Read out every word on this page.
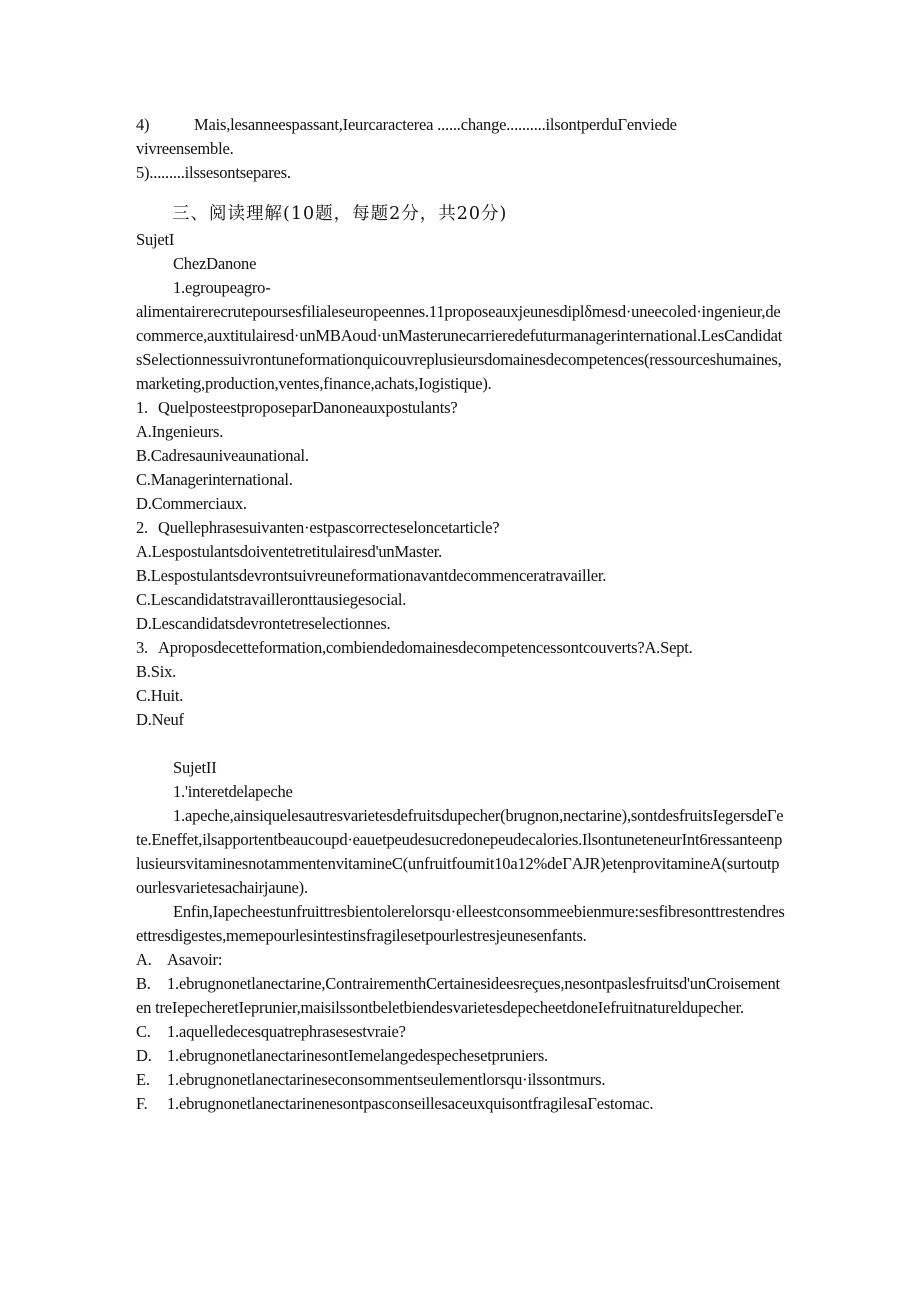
4)	Mais,lesanneespassant,Ieurcaracterea ......change..........ilsontperduΓenviede
vivreensemble.
5).........ilssesontsepares.
三、阅读理解(10题，每题2分，共20分)
SujetI
ChezDanone
1.egroupeagro-
alimentairerecrutepoursesfilialeseuropeennes.11proposeauxjeunesdiplδmesd·uneecoled·ingenieur,decommerce,auxtitulairesd·unMBAoud·unMasterunecarrieredefuturmanagerinternational.LesCandidatsSelectionnessuivrontuneformationquicouvreplusieursdomainesdecompetences(ressourceshumaines,marketing,production,ventes,finance,achats,Iogistique).
1. QuelposteestproposeparDanoneauxpostulants?
A.Ingenieurs.
B.Cadresauniveaunational.
C.Managerinternational.
D.Commerciaux.
2. Quellephrasesuivanten·estpascorrecteseloncetarticle?
A.Lespostulantsdoiventetretitulairesd'unMaster.
B.Lespostulantsdevrontsuivreuneformationavantdecommenceratravailler.
C.Lescandidatstravailleronttausiegesocial.
D.Lescandidatsdevrontetreselectionnes.
3. Aproposdecetteformation,combiendedomainesdecompetencessontcouverts?A.Sept.
B.Six.
C.Huit.
D.Neuf
SujetII
1.'interetdelapeche
1.apeche,ainsiquelesautresvarietesdefruitsdupecher(brugnon,nectarine),sontdesfruitsIegersdeΓete.Eneffet,ilsapportentbeaucoupd·eauetpeudesucredonepeudecalories.IlsontuneteneurInt6ressanteenplusieursvitaminesnotammentenvitamineC(unfruitfoumit10a12%deΓAJR)etenprovitamineA(surtoutpourlesvarietesachairjaune).
Enfin,Iapecheestunfruittresbientolerelorsqu·elleestconsommeebienmure:sesfibresonttrestendresettresdigestes,memepourlesintestinsfragilesetpourlestresjeunesenfants.
A. Asavoir:
B. 1.ebrugnonetlanectarine,ContrairementhCertainesideesreçues,nesontpaslesfruitsd'unCroisementen treIepecheretIeprunier,maisilssontbeletbiendesvarietesdepecheetdoneIefruitnatureldupecher.
C. 1.aquelledecesquatrephrasesestvraie?
D. 1.ebrugnonetlanectarinesontIemelangedespechesetpruniers.
E. 1.ebrugnonetlanectarineseconsommentseulementlorsqu·ilssontmurs.
F. 1.ebrugnonetlanectarinenesontpasconseillesaceuxquisontfragilesaΓestomac.
